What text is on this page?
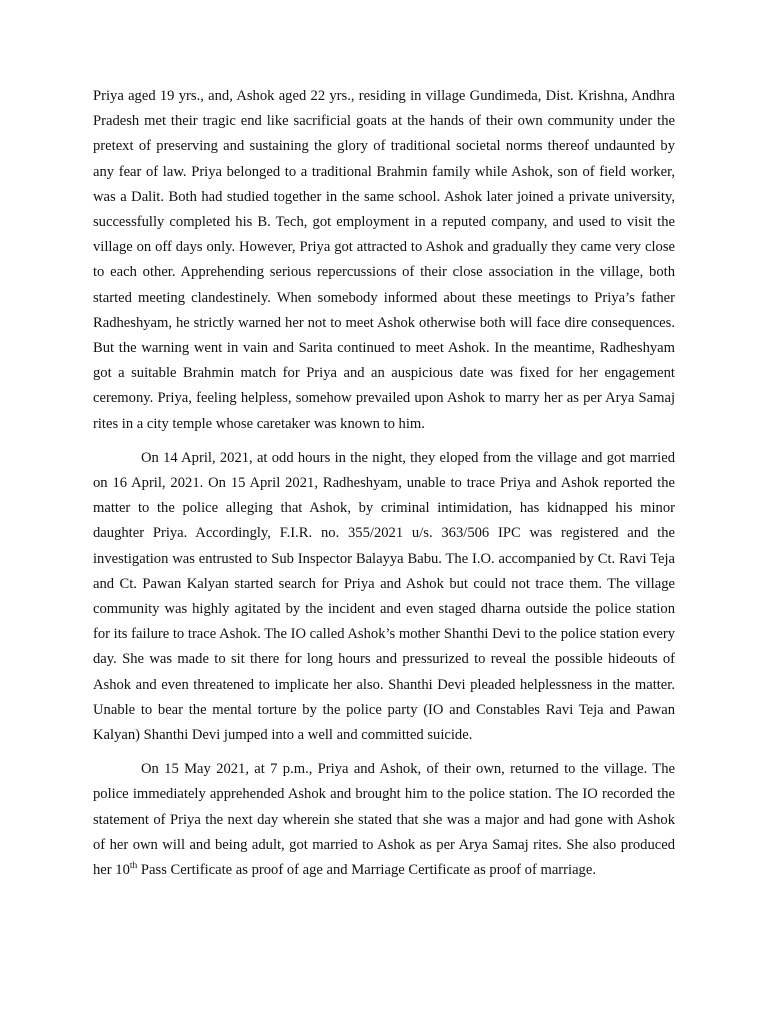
Priya aged 19 yrs., and, Ashok aged 22 yrs., residing in village Gundimeda, Dist. Krishna, Andhra Pradesh met their tragic end like sacrificial goats at the hands of their own community under the pretext of preserving and sustaining the glory of traditional societal norms thereof undaunted by any fear of law. Priya belonged to a traditional Brahmin family while Ashok, son of field worker, was a Dalit. Both had studied together in the same school. Ashok later joined a private university, successfully completed his B. Tech, got employment in a reputed company, and used to visit the village on off days only. However, Priya got attracted to Ashok and gradually they came very close to each other. Apprehending serious repercussions of their close association in the village, both started meeting clandestinely. When somebody informed about these meetings to Priya’s father Radheshyam, he strictly warned her not to meet Ashok otherwise both will face dire consequences. But the warning went in vain and Sarita continued to meet Ashok. In the meantime, Radheshyam got a suitable Brahmin match for Priya and an auspicious date was fixed for her engagement ceremony. Priya, feeling helpless, somehow prevailed upon Ashok to marry her as per Arya Samaj rites in a city temple whose caretaker was known to him.

On 14 April, 2021, at odd hours in the night, they eloped from the village and got married on 16 April, 2021. On 15 April 2021, Radheshyam, unable to trace Priya and Ashok reported the matter to the police alleging that Ashok, by criminal intimidation, has kidnapped his minor daughter Priya. Accordingly, F.I.R. no. 355/2021 u/s. 363/506 IPC was registered and the investigation was entrusted to Sub Inspector Balayya Babu. The I.O. accompanied by Ct. Ravi Teja and Ct. Pawan Kalyan started search for Priya and Ashok but could not trace them. The village community was highly agitated by the incident and even staged dharna outside the police station for its failure to trace Ashok. The IO called Ashok’s mother Shanthi Devi to the police station every day. She was made to sit there for long hours and pressurized to reveal the possible hideouts of Ashok and even threatened to implicate her also. Shanthi Devi pleaded helplessness in the matter. Unable to bear the mental torture by the police party (IO and Constables Ravi Teja and Pawan Kalyan) Shanthi Devi jumped into a well and committed suicide.

On 15 May 2021, at 7 p.m., Priya and Ashok, of their own, returned to the village. The police immediately apprehended Ashok and brought him to the police station. The IO recorded the statement of Priya the next day wherein she stated that she was a major and had gone with Ashok of her own will and being adult, got married to Ashok as per Arya Samaj rites. She also produced her 10th Pass Certificate as proof of age and Marriage Certificate as proof of marriage.
